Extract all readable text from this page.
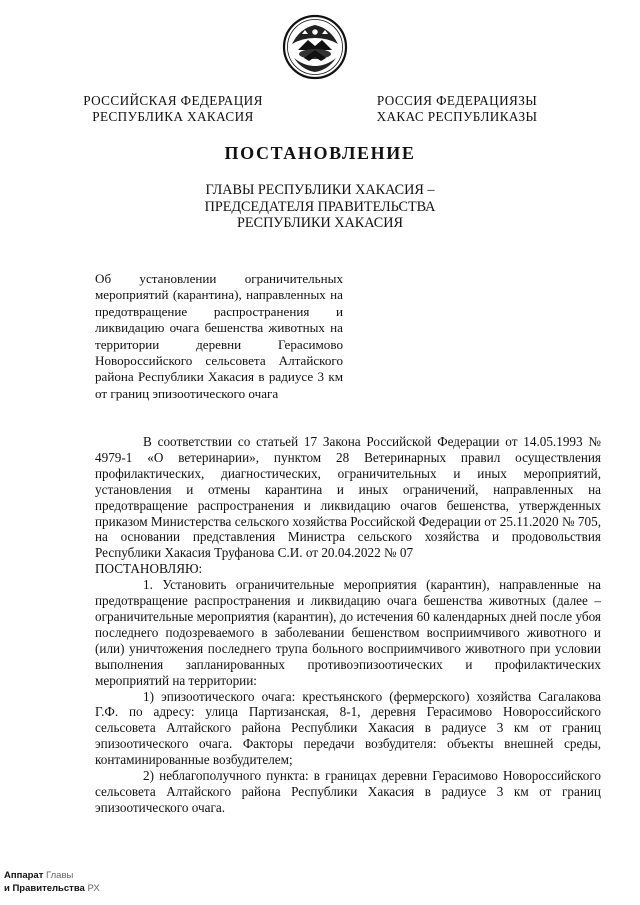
РОССИЙСКАЯ ФЕДЕРАЦИЯ
РЕСПУБЛИКА ХАКАСИЯ
РОССИЯ ФЕДЕРАЦИЯЗЫ
ХАКАС РЕСПУБЛИКАЗЫ
ПОСТАНОВЛЕНИЕ
ГЛАВЫ РЕСПУБЛИКИ ХАКАСИЯ –
ПРЕДСЕДАТЕЛЯ ПРАВИТЕЛЬСТВА
РЕСПУБЛИКИ ХАКАСИЯ
Об установлении ограничительных мероприятий (карантина), направленных на предотвращение распространения и ликвидацию очага бешенства животных на территории деревни Герасимово Новороссийского сельсовета Алтайского района Республики Хакасия в радиусе 3 км от границ эпизоотического очага

В соответствии со статьей 17 Закона Российской Федерации от 14.05.1993 № 4979-1 «О ветеринарии», пунктом 28 Ветеринарных правил осуществления профилактических, диагностических, ограничительных и иных мероприятий, установления и отмены карантина и иных ограничений, направленных на предотвращение распространения и ликвидацию очагов бешенства, утвержденных приказом Министерства сельского хозяйства Российской Федерации от 25.11.2020 № 705, на основании представления Министра сельского хозяйства и продовольствия Республики Хакасия Труфанова С.И. от 20.04.2022 № 07

ПОСТАНОВЛЯЮ:

1. Установить ограничительные мероприятия (карантин), направленные на предотвращение распространения и ликвидацию очага бешенства животных (далее – ограничительные мероприятия (карантин), до истечения 60 календарных дней после убоя последнего подозреваемого в заболевании бешенством восприимчивого животного и (или) уничтожения последнего трупа больного восприимчивого животного при условии выполнения запланированных противоэпизоотических и профилактических мероприятий на территории:

1) эпизоотического очага: крестьянского (фермерского) хозяйства Сагалакова Г.Ф. по адресу: улица Партизанская, 8-1, деревня Герасимово Новороссийского сельсовета Алтайского района Республики Хакасия в радиусе 3 км от границ эпизоотического очага. Факторы передачи возбудителя: объекты внешней среды, контаминированные возбудителем;

2) неблагополучного пункта: в границах деревни Герасимово Новороссийского сельсовета Алтайского района Республики Хакасия в радиусе 3 км от границ эпизоотического очага.

Аппарат Главы
и Правительства РХ
